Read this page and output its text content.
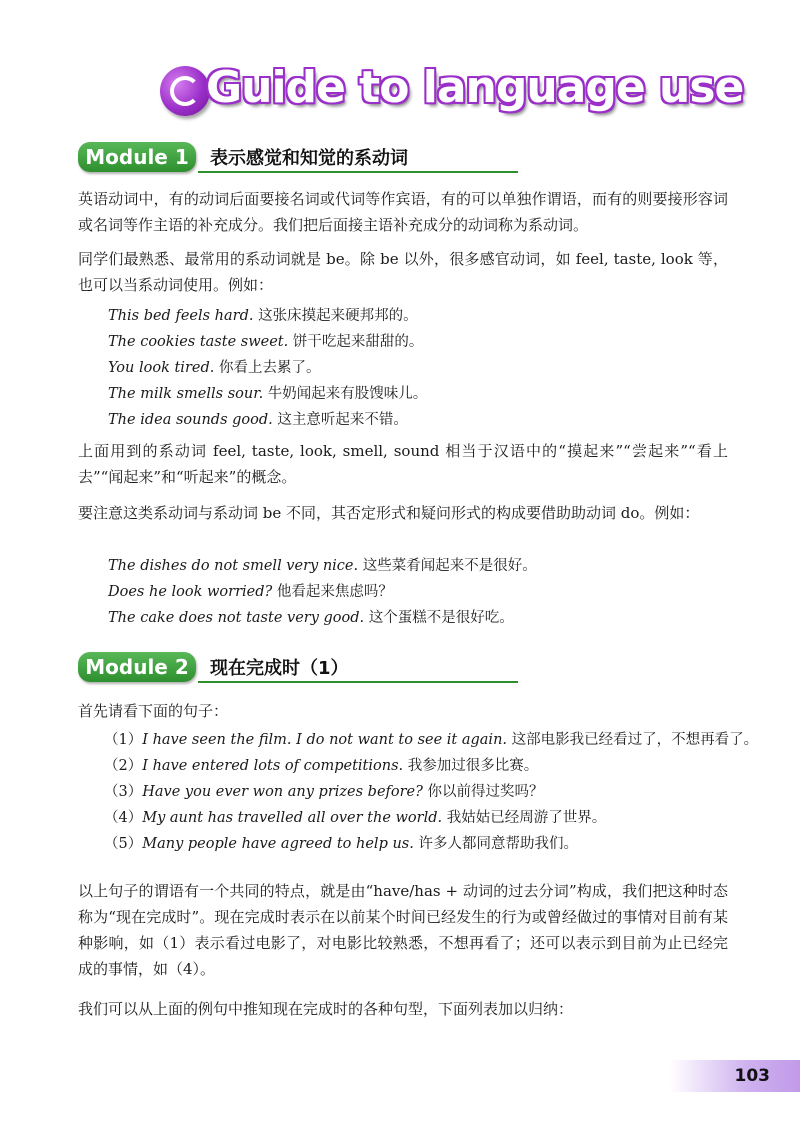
Guide to language use
Module 1	表示感觉和知觉的系动词
英语动词中，有的动词后面要接名词或代词等作宾语，有的可以单独作谓语，而有的则要接形容词或名词等作主语的补充成分。我们把后面接主语补充成分的动词称为系动词。
同学们最熟悉、最常用的系动词就是 be。除 be 以外，很多感官动词，如 feel, taste, look 等，也可以当系动词使用。例如：
This bed feels hard. 这张床摸起来硬邦邦的。
The cookies taste sweet. 饼干吃起来甜甜的。
You look tired. 你看上去累了。
The milk smells sour. 牛奶闻起来有股馊味儿。
The idea sounds good. 这主意听起来不错。
上面用到的系动词 feel, taste, look, smell, sound 相当于汉语中的“摸起来”“尝起来”“看上去”“闻起来”和“听起来”的概念。
要注意这类系动词与系动词 be 不同，其否定形式和疑问形式的构成要借助助动词 do。例如：
The dishes do not smell very nice. 这些菜肴闻起来不是很好。
Does he look worried? 他看起来焦虑吗？
The cake does not taste very good. 这个蛋糕不是很好吃。
Module 2	现在完成时（1）
首先请看下面的句子：
（1）I have seen the film. I do not want to see it again. 这部电影我已经看过了，不想再看了。
（2）I have entered lots of competitions. 我参加过很多比赛。
（3）Have you ever won any prizes before? 你以前得过奖吗？
（4）My aunt has travelled all over the world. 我姑姑已经周游了世界。
（5）Many people have agreed to help us. 许多人都同意帮助我们。
以上句子的谓语有一个共同的特点，就是由“have/has + 动词的过去分词”构成，我们把这种时态称为“现在完成时”。现在完成时表示在以前某个时间已经发生的行为或曾经做过的事情对目前有某种影响，如（1）表示看过电影了，对电影比较熟悉，不想再看了；还可以表示到目前为止已经完成的事情，如（4）。
我们可以从上面的例句中推知现在完成时的各种句型，下面列表加以归纳：
103
